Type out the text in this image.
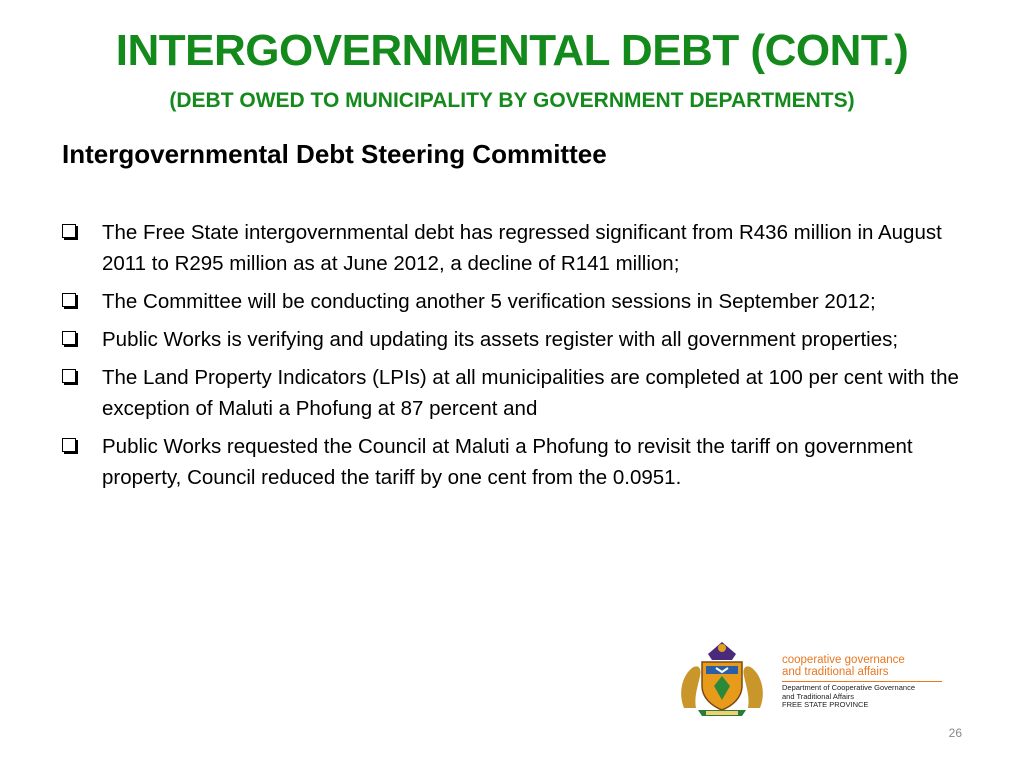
INTERGOVERNMENTAL DEBT (CONT.)
(DEBT OWED TO MUNICIPALITY BY GOVERNMENT DEPARTMENTS)
Intergovernmental Debt Steering Committee
The Free State intergovernmental debt has regressed significant from R436 million in August 2011 to R295 million as at June 2012, a decline of R141 million;
The Committee will be conducting another 5 verification sessions in September 2012;
Public Works is verifying and updating its assets register with all government properties;
The Land Property Indicators (LPIs) at all municipalities are completed at 100 per cent with the exception of Maluti a Phofung at 87 percent and
Public Works requested the Council at Maluti a Phofung to revisit the tariff on government property, Council reduced the tariff by one cent from the 0.0951.
cooperative governance
and traditional affairs
Department of Cooperative Governance
and Traditional Affairs
FREE STATE PROVINCE
26
